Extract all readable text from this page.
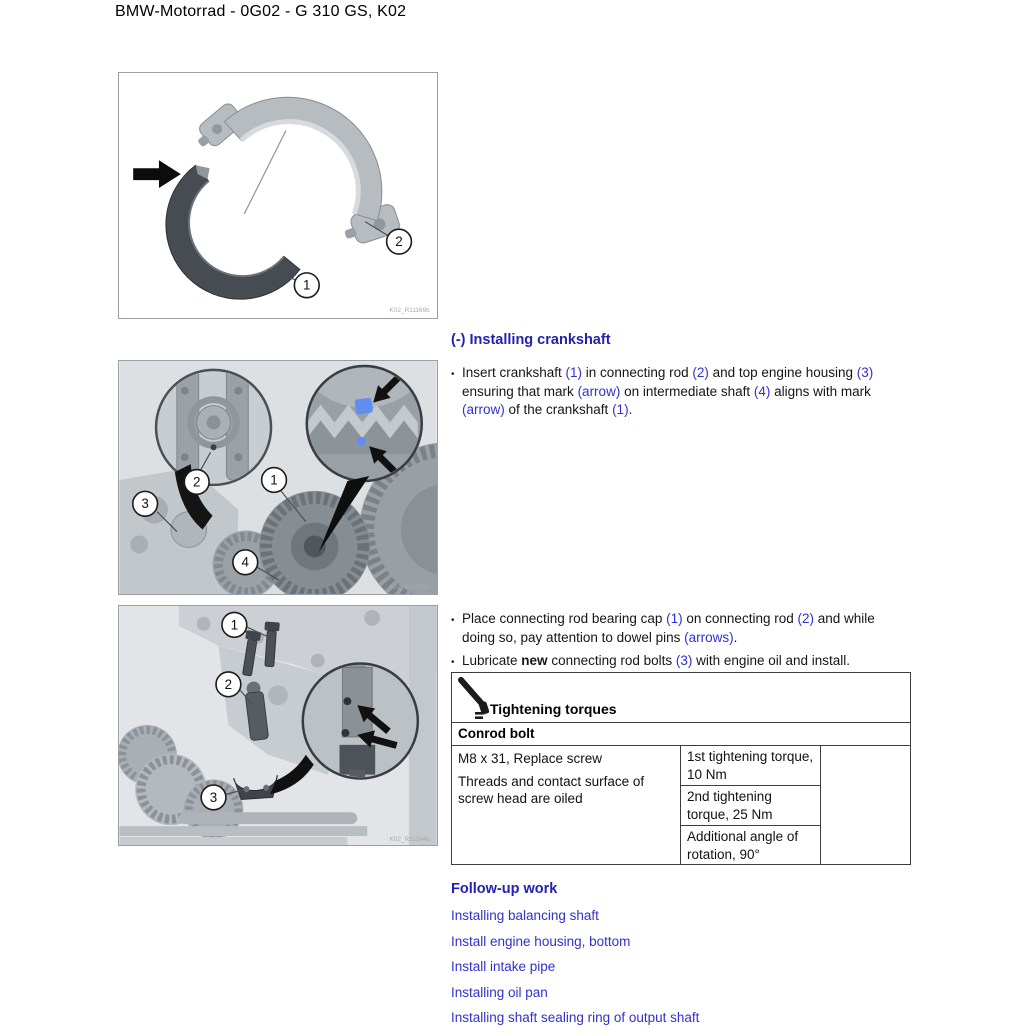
BMW-Motorrad - 0G02 - G 310 GS, K02
1
2
K02_R11169b
3
2	1
4
K02_R11159a
1
2
3
K02_R11164b
(-) Installing crankshaft
• Insert crankshaft (1) in connecting rod (2) and top engine housing (3) ensuring that mark (arrow) on intermediate shaft (4) aligns with mark (arrow) of the crankshaft (1).
• Place connecting rod bearing cap (1) on connecting rod (2) and while doing so, pay attention to dowel pins (arrows).
• Lubricate new connecting rod bolts (3) with engine oil and install.
Tightening torques
Conrod bolt
M8 x 31, Replace screw
Threads and contact surface of screw head are oiled
1st tightening torque, 10 Nm
2nd tightening torque, 25 Nm
Additional angle of rotation, 90°
Follow-up work
Installing balancing shaft
Install engine housing, bottom
Install intake pipe
Installing oil pan
Installing shaft sealing ring of output shaft
